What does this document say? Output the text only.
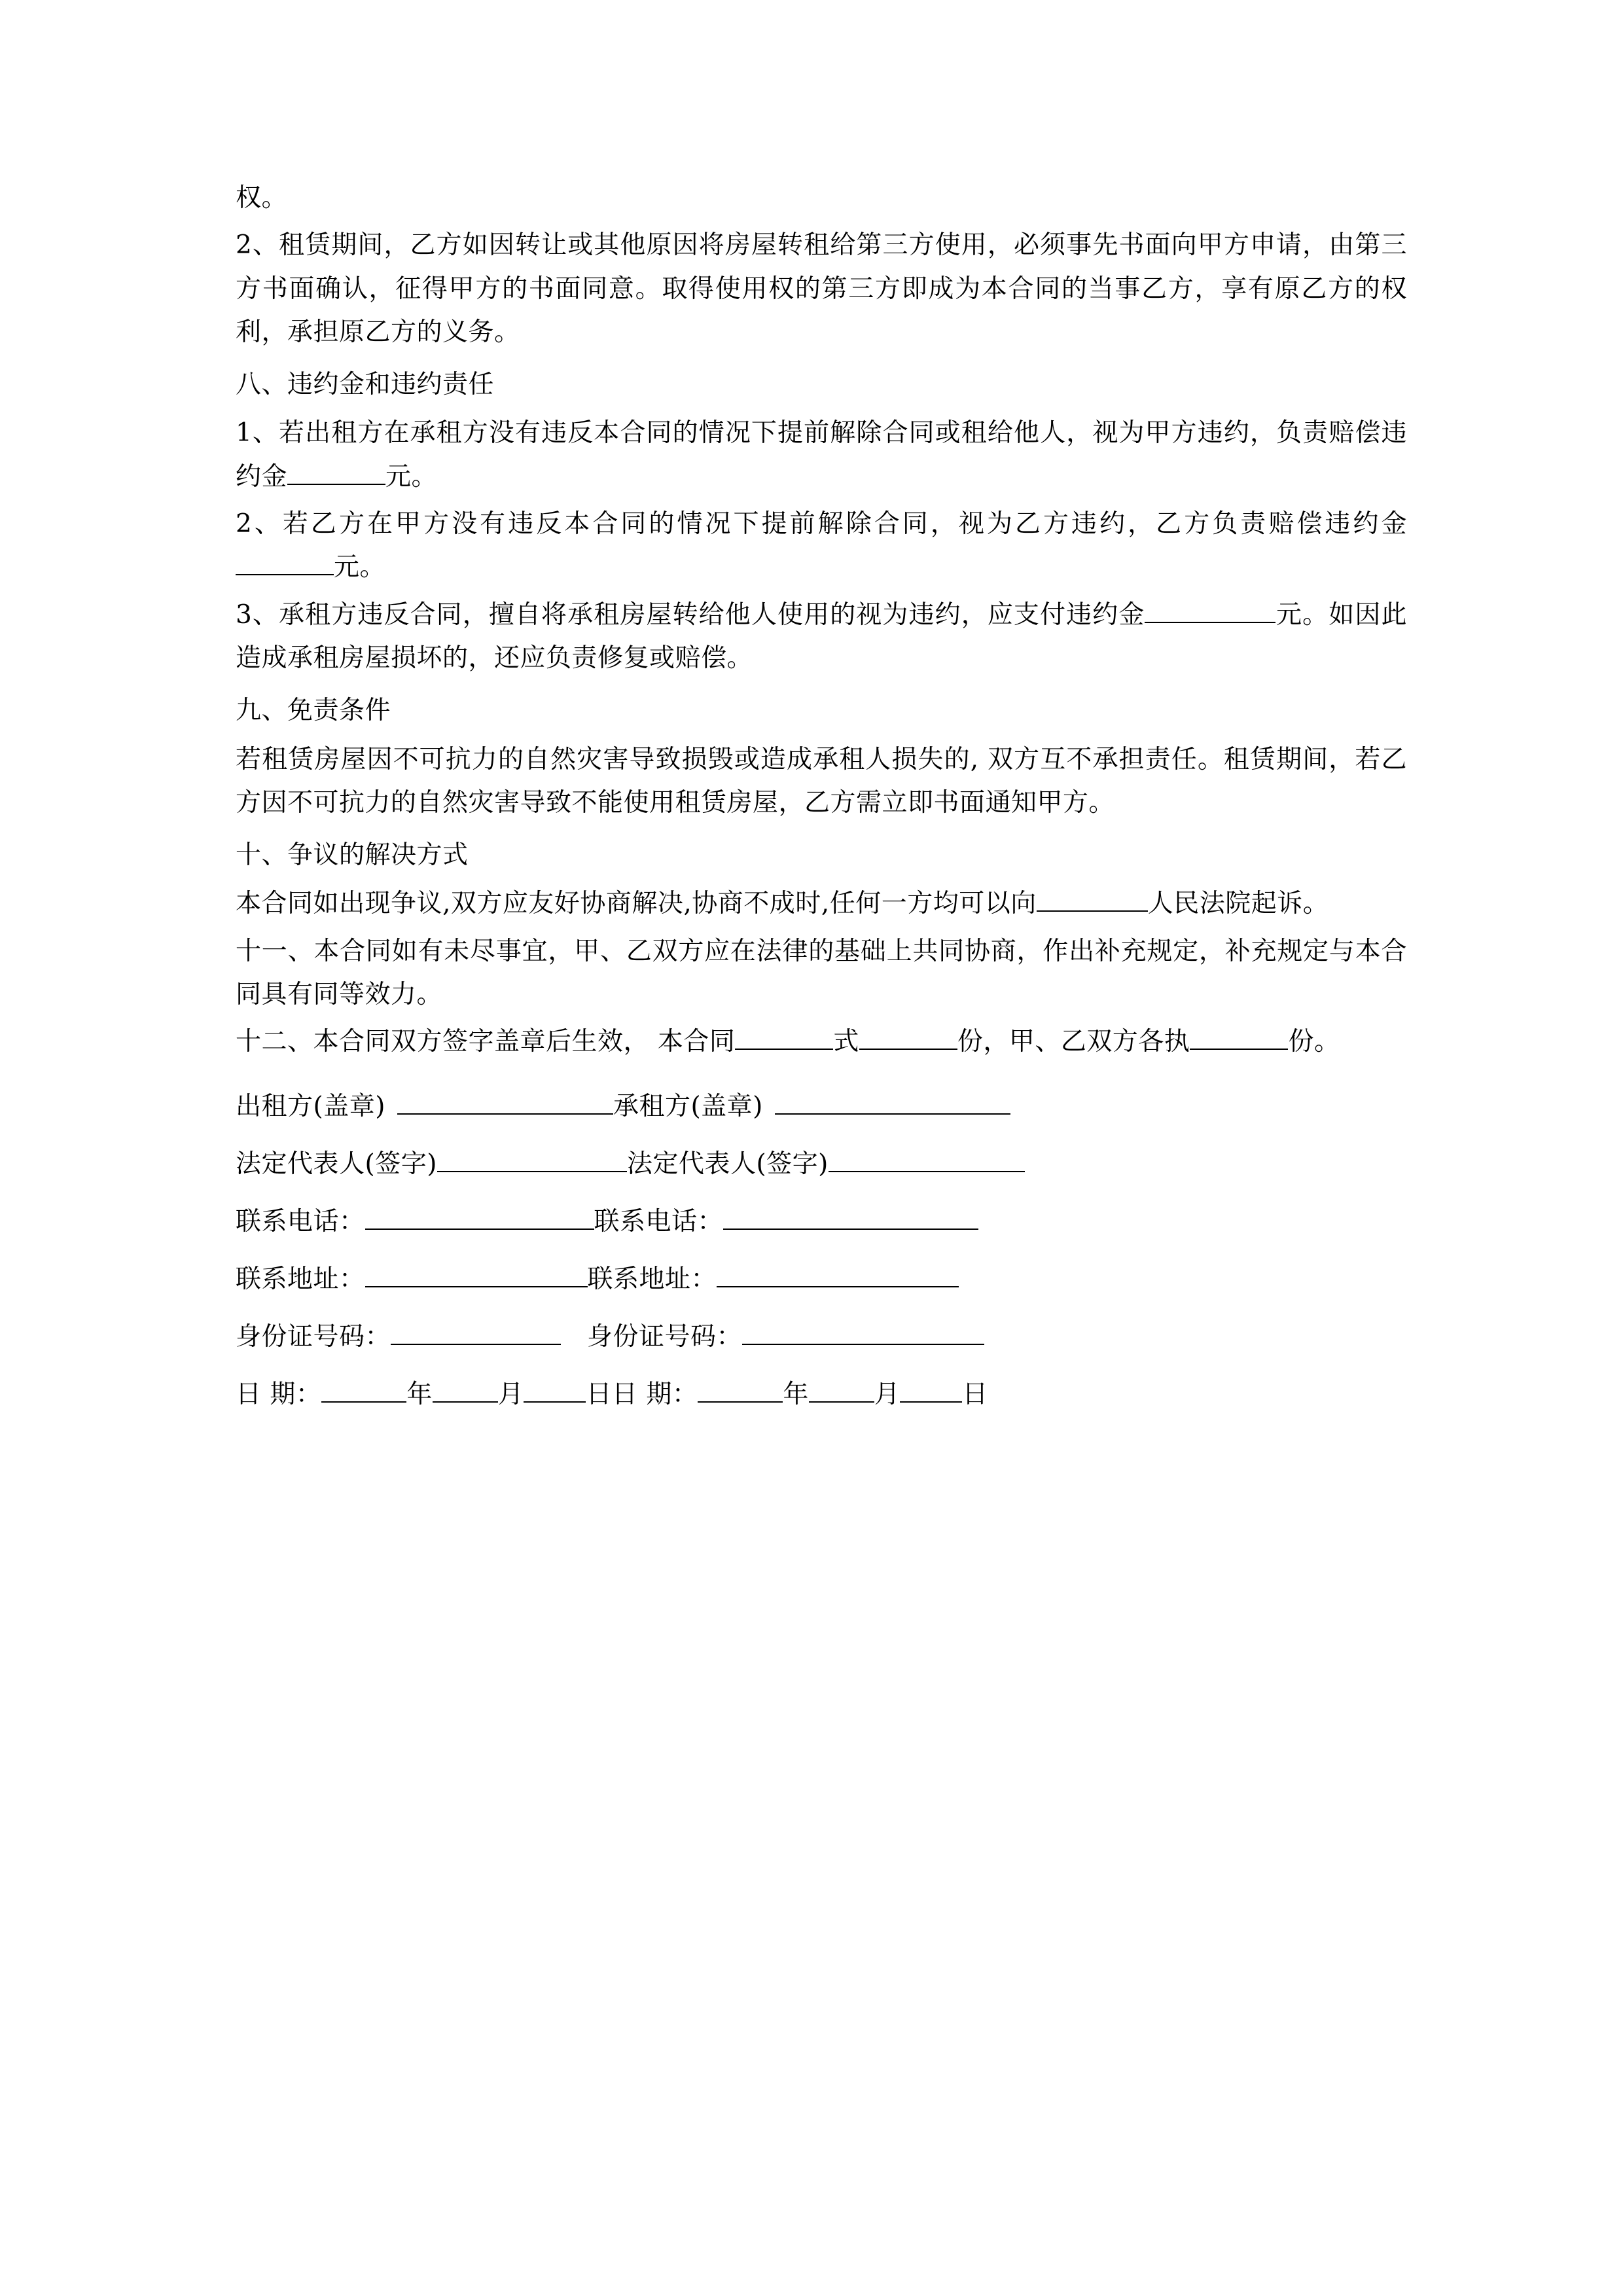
权。

2、租赁期间，乙方如因转让或其他原因将房屋转租给第三方使用，必须事先书面向甲方申请，由第三方书面确认，征得甲方的书面同意。取得使用权的第三方即成为本合同的当事乙方，享有原乙方的权利，承担原乙方的义务。

八、违约金和违约责任

1、若出租方在承租方没有违反本合同的情况下提前解除合同或租给他人，视为甲方违约，负责赔偿违约金	元。

2、若乙方在甲方没有违反本合同的情况下提前解除合同，视为乙方违约，乙方负责赔偿违约金元。

3、承租方违反合同，擅自将承租房屋转给他人使用的视为违约，应支付违约金	元。如因此造成承租房屋损坏的，还应负责修复或赔偿。

九、免责条件

若租赁房屋因不可抗力的自然灾害导致损毁或造成承租人损失的, 双方互不承担责任。租赁期间，若乙方因不可抗力的自然灾害导致不能使用租赁房屋，乙方需立即书面通知甲方。

十、争议的解决方式

本合同如出现争议,双方应友好协商解决,协商不成时,任何一方均可以向	人民法院起诉。

十一、本合同如有未尽事宜，甲、乙双方应在法律的基础上共同协商，作出补充规定，补充规定与本合同具有同等效力。

十二、本合同双方签字盖章后生效， 本合同	式	份，甲、乙双方各执	份。

出租方(盖章)	承租方(盖章)
法定代表人(签字)	法定代表人(签字)
联系电话：	联系电话：
联系地址：	联系地址：
身份证号码：	身份证号码：
日 期：	年	月 日 日 期：	年	月 日
